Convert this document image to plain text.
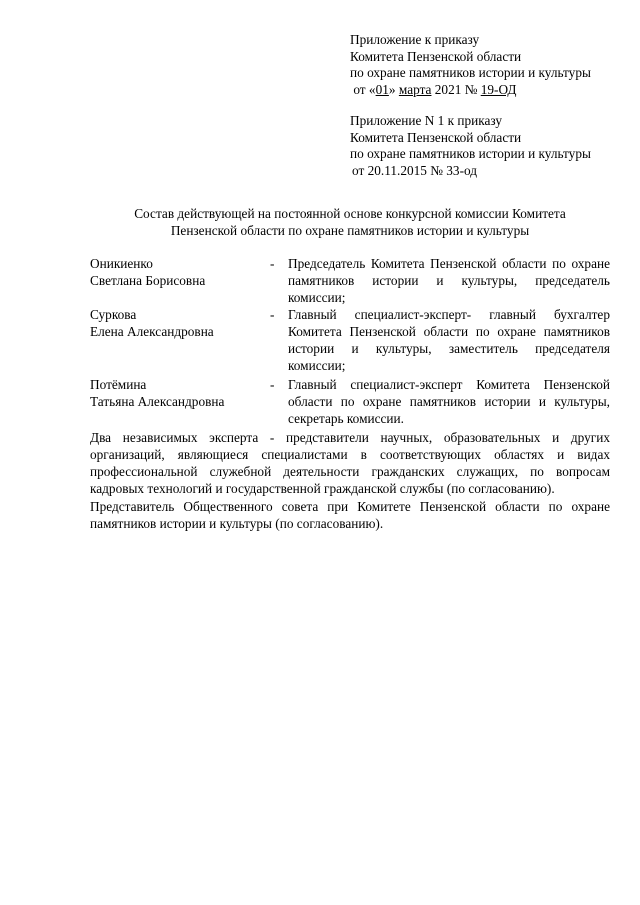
Приложение к приказу
Комитета Пензенской области
по охране памятников истории и культуры
от «01» марта 2021 № 19-ОД
Приложение N 1 к приказу
Комитета Пензенской области
по охране памятников истории и культуры
от 20.11.2015 № 33-од
Состав действующей на постоянной основе конкурсной комиссии Комитета
Пензенской области по охране памятников истории и культуры
Оникиенко
Светлана Борисовна
- Председатель Комитета Пензенской области по охране памятников истории и культуры, председатель комиссии;
Суркова
Елена Александровна
- Главный специалист-эксперт- главный бухгалтер Комитета Пензенской области по охране памятников истории и культуры, заместитель председателя комиссии;
Потёмина
Татьяна Александровна
- Главный специалист-эксперт Комитета Пензенской области по охране памятников истории и культуры, секретарь комиссии.
Два независимых эксперта - представители научных, образовательных и других организаций, являющиеся специалистами в соответствующих областях и видах профессиональной служебной деятельности гражданских служащих, по вопросам кадровых технологий и государственной гражданской службы (по согласованию).
Представитель Общественного совета при Комитете Пензенской области по охране памятников истории и культуры (по согласованию).
